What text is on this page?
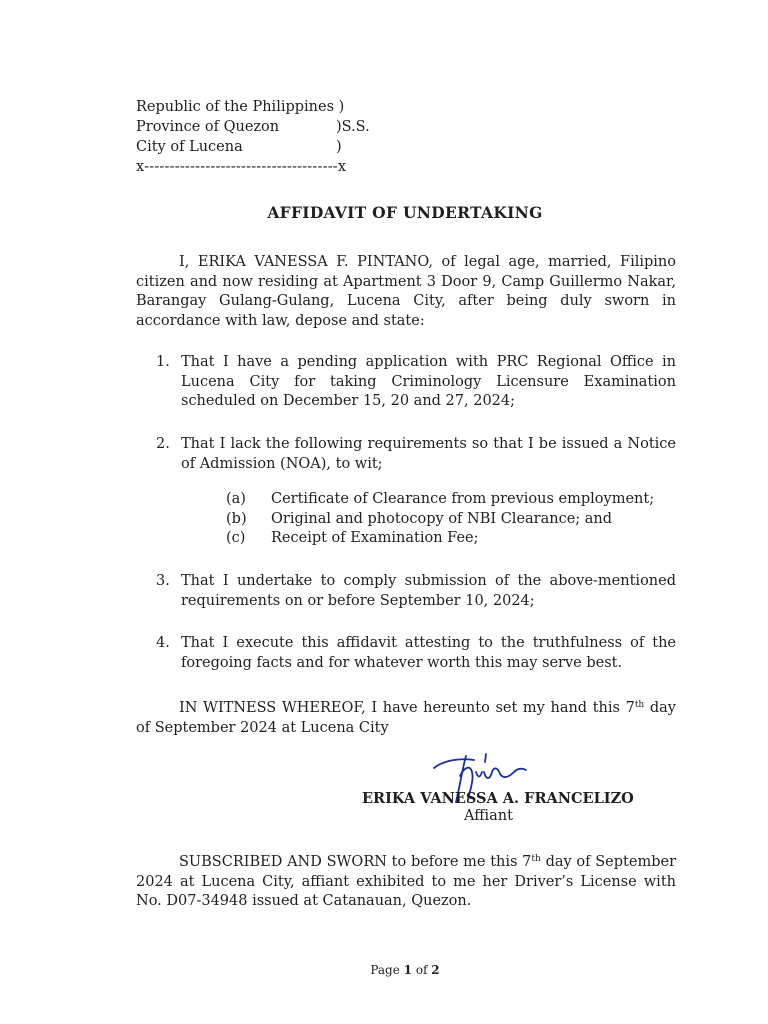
Republic of the Philippines )
Province of Quezon	)S.S.
City of Lucena	)
x--------------------------------------x
AFFIDAVIT OF UNDERTAKING
I, ERIKA VANESSA F. PINTANO, of legal age, married, Filipino citizen and now residing at Apartment 3 Door 9, Camp Guillermo Nakar, Barangay Gulang-Gulang, Lucena City, after being duly sworn in accordance with law, depose and state:
1. That I have a pending application with PRC Regional Office in Lucena City for taking Criminology Licensure Examination scheduled on December 15, 20 and 27, 2024;
2. That I lack the following requirements so that I be issued a Notice of Admission (NOA), to wit;
(a) Certificate of Clearance from previous employment;
(b) Original and photocopy of NBI Clearance; and
(c) Receipt of Examination Fee;
3. That I undertake to comply submission of the above-mentioned requirements on or before September 10, 2024;
4. That I execute this affidavit attesting to the truthfulness of the foregoing facts and for whatever worth this may serve best.
IN WITNESS WHEREOF, I have hereunto set my hand this 7th day of September 2024 at Lucena City
ERIKA VANESSA A. FRANCELIZO
Affiant
SUBSCRIBED AND SWORN to before me this 7th day of September 2024 at Lucena City, affiant exhibited to me her Driver’s License with No. D07-34948 issued at Catanauan, Quezon.
Page 1 of 2
